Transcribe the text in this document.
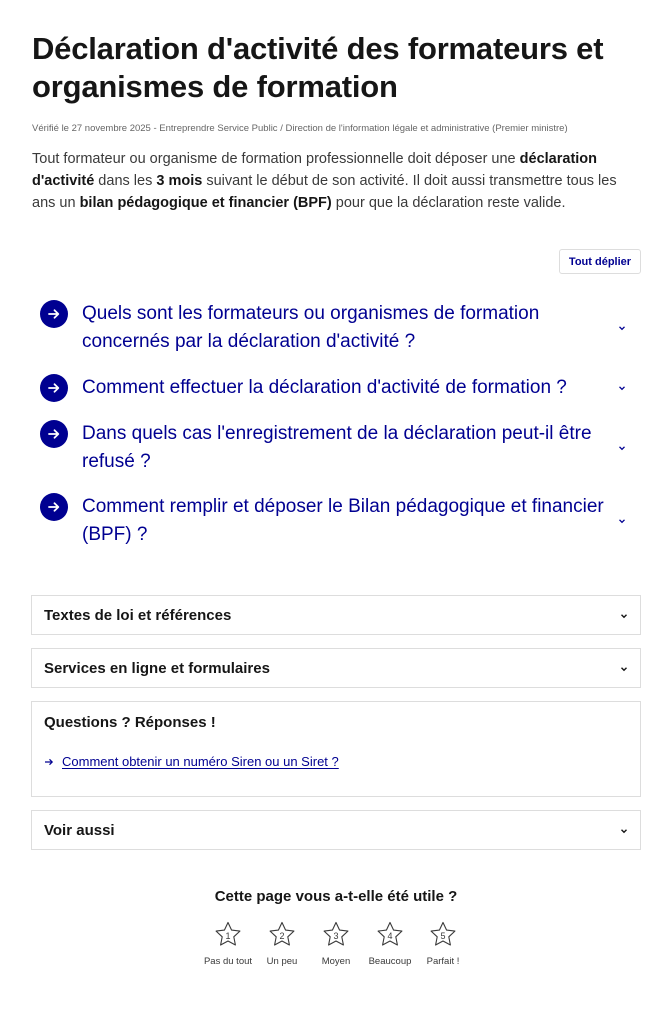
Déclaration d'activité des formateurs et organismes de formation
Vérifié le 27 novembre 2025 - Entreprendre Service Public / Direction de l'information légale et administrative (Premier ministre)

Tout formateur ou organisme de formation professionnelle doit déposer une déclaration d'activité dans les 3 mois suivant le début de son activité. Il doit aussi transmettre tous les ans un bilan pédagogique et financier (BPF) pour que la déclaration reste valide.

Tout déplier
Quels sont les formateurs ou organismes de formation concernés par la déclaration d'activité ?
Comment effectuer la déclaration d'activité de formation ?
Dans quels cas l'enregistrement de la déclaration peut-il être refusé ?
Comment remplir et déposer le Bilan pédagogique et financier (BPF) ?
Textes de loi et références
Services en ligne et formulaires
Questions ? Réponses !
Comment obtenir un numéro Siren ou un Siret ?
Voir aussi
Cette page vous a-t-elle été utile ?
1
Pas du tout
2
Un peu
3
Moyen
4
Beaucoup
5
Parfait !
